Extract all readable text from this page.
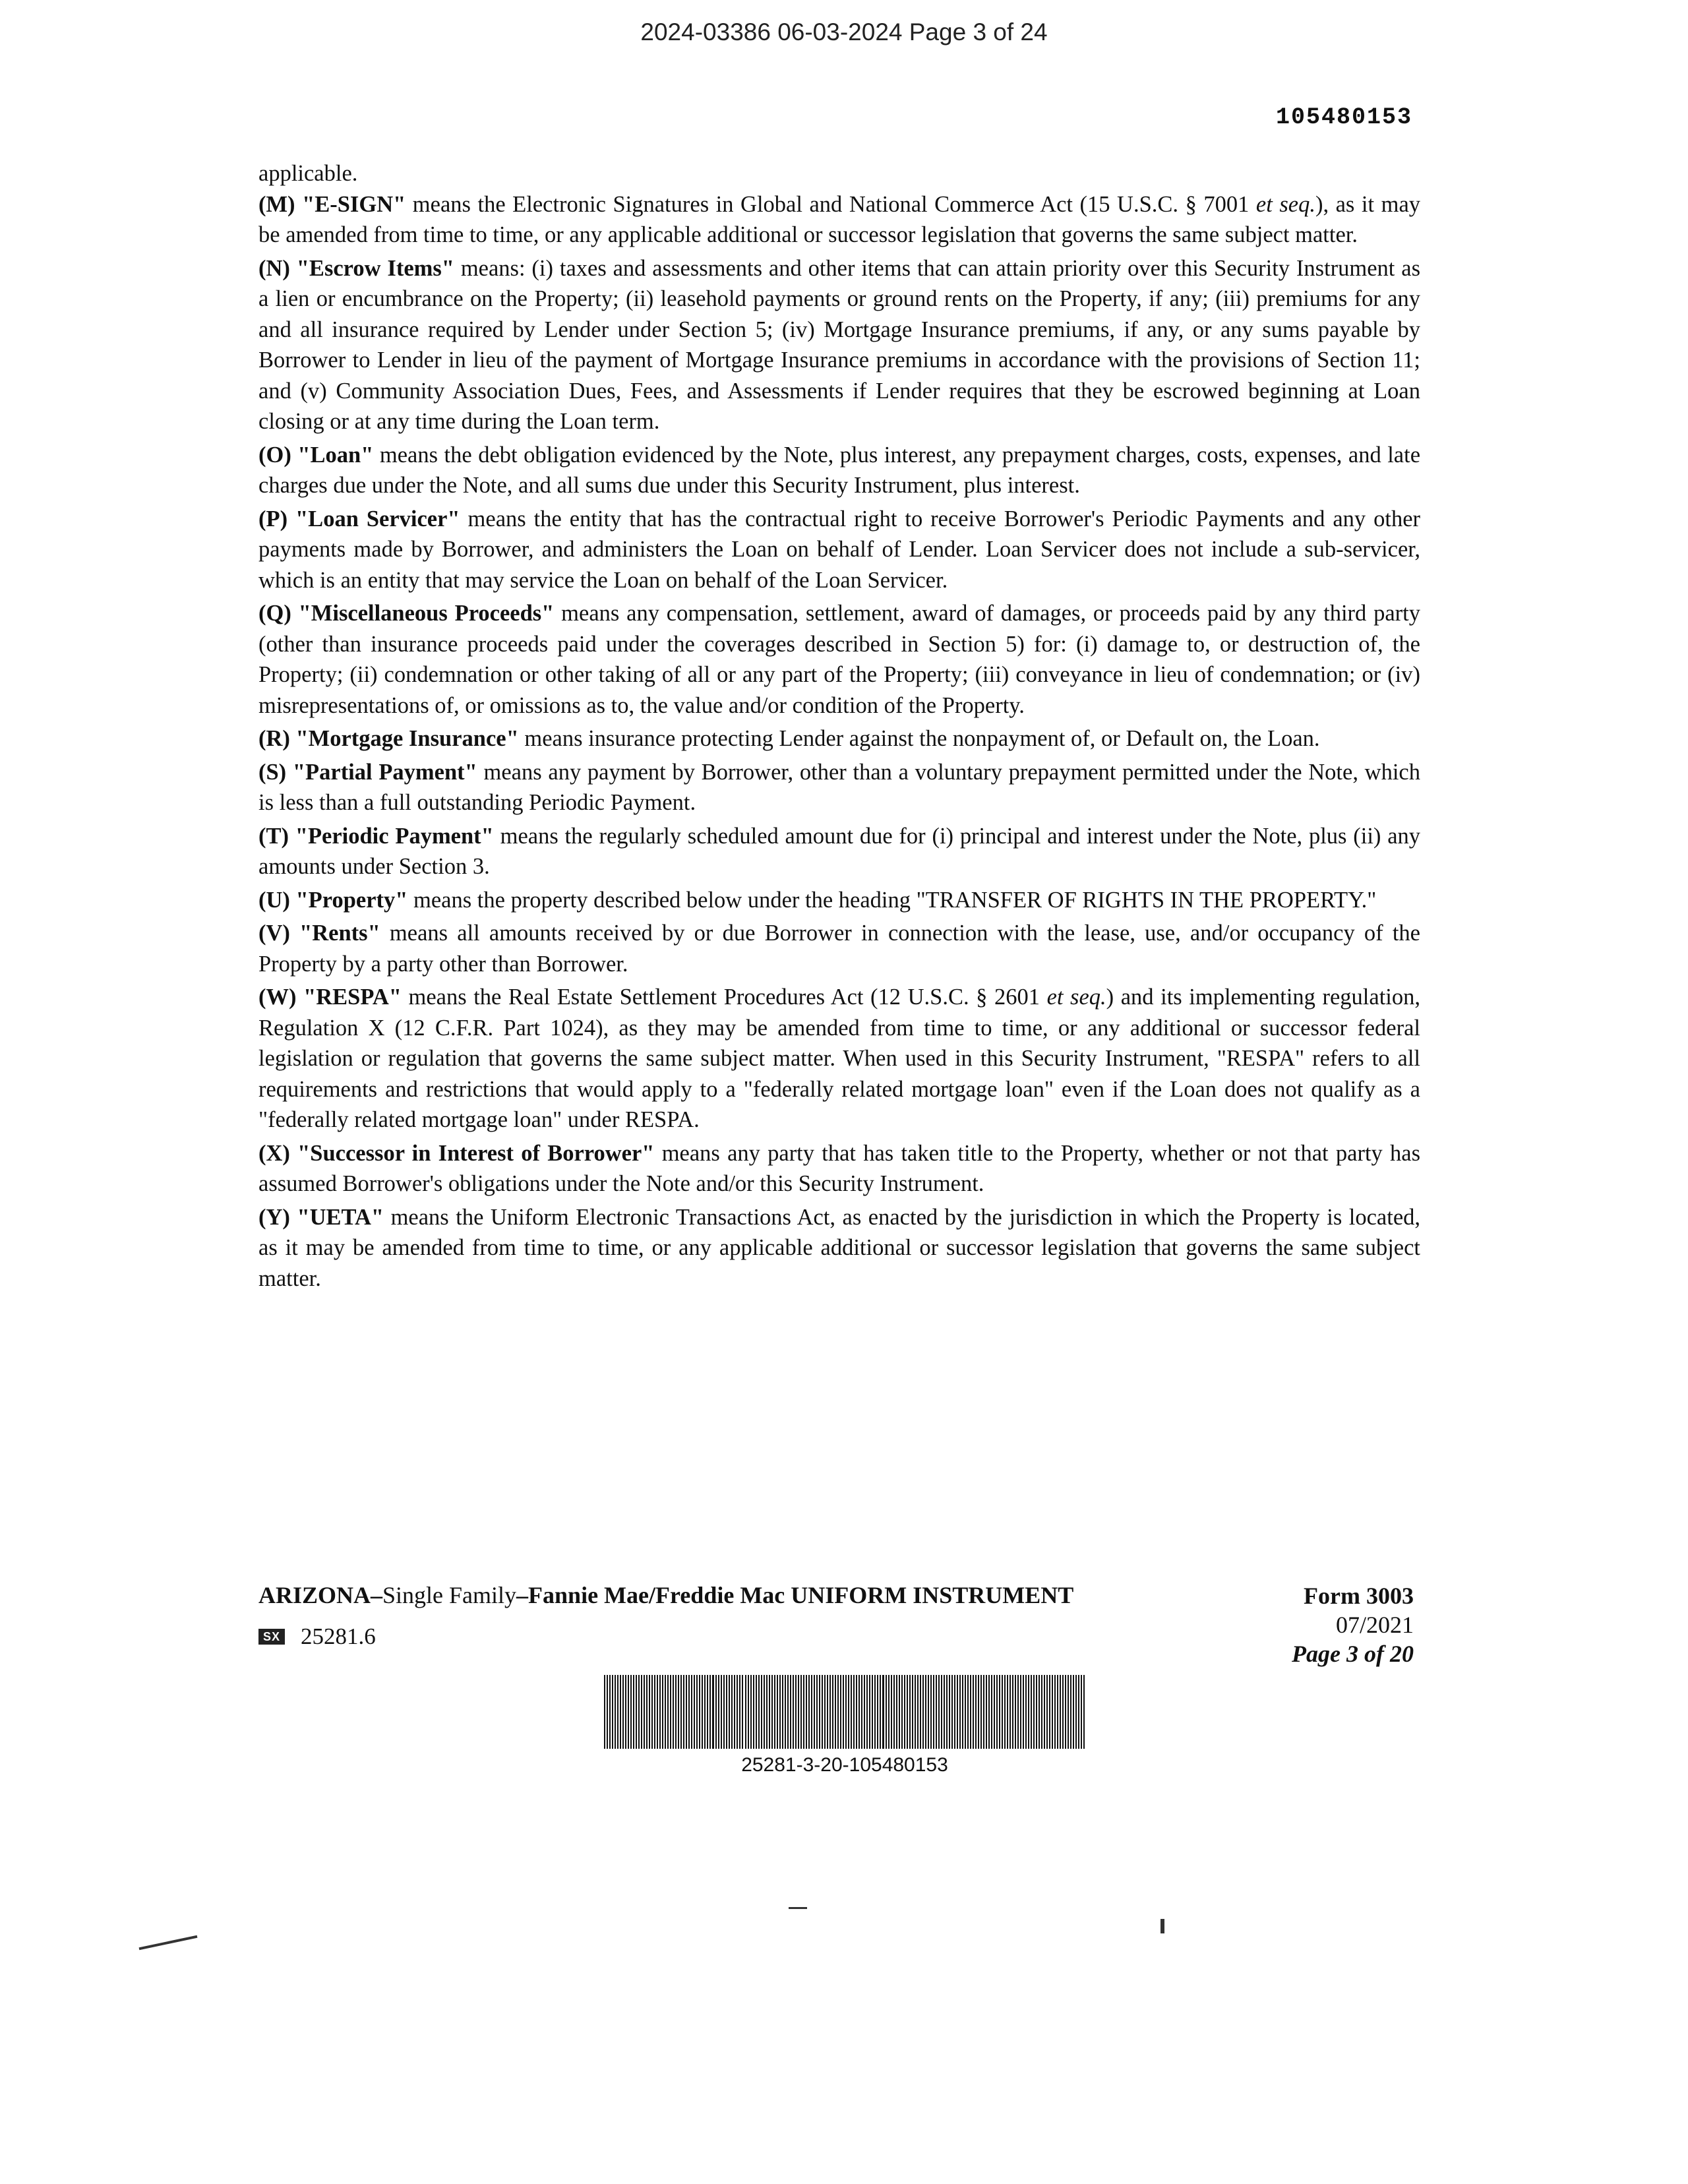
2024-03386 06-03-2024 Page 3 of 24
105480153

applicable.

(M) "E-SIGN" means the Electronic Signatures in Global and National Commerce Act (15 U.S.C. § 7001 et seq.), as it may be amended from time to time, or any applicable additional or successor legislation that governs the same subject matter.

(N) "Escrow Items" means: (i) taxes and assessments and other items that can attain priority over this Security Instrument as a lien or encumbrance on the Property; (ii) leasehold payments or ground rents on the Property, if any; (iii) premiums for any and all insurance required by Lender under Section 5; (iv) Mortgage Insurance premiums, if any, or any sums payable by Borrower to Lender in lieu of the payment of Mortgage Insurance premiums in accordance with the provisions of Section 11; and (v) Community Association Dues, Fees, and Assessments if Lender requires that they be escrowed beginning at Loan closing or at any time during the Loan term.

(O) "Loan" means the debt obligation evidenced by the Note, plus interest, any prepayment charges, costs, expenses, and late charges due under the Note, and all sums due under this Security Instrument, plus interest.

(P) "Loan Servicer" means the entity that has the contractual right to receive Borrower's Periodic Payments and any other payments made by Borrower, and administers the Loan on behalf of Lender. Loan Servicer does not include a sub-servicer, which is an entity that may service the Loan on behalf of the Loan Servicer.

(Q) "Miscellaneous Proceeds" means any compensation, settlement, award of damages, or proceeds paid by any third party (other than insurance proceeds paid under the coverages described in Section 5) for: (i) damage to, or destruction of, the Property; (ii) condemnation or other taking of all or any part of the Property; (iii) conveyance in lieu of condemnation; or (iv) misrepresentations of, or omissions as to, the value and/or condition of the Property.

(R) "Mortgage Insurance" means insurance protecting Lender against the nonpayment of, or Default on, the Loan.

(S) "Partial Payment" means any payment by Borrower, other than a voluntary prepayment permitted under the Note, which is less than a full outstanding Periodic Payment.

(T) "Periodic Payment" means the regularly scheduled amount due for (i) principal and interest under the Note, plus (ii) any amounts under Section 3.

(U) "Property" means the property described below under the heading "TRANSFER OF RIGHTS IN THE PROPERTY."

(V) "Rents" means all amounts received by or due Borrower in connection with the lease, use, and/or occupancy of the Property by a party other than Borrower.

(W) "RESPA" means the Real Estate Settlement Procedures Act (12 U.S.C. § 2601 et seq.) and its implementing regulation, Regulation X (12 C.F.R. Part 1024), as they may be amended from time to time, or any additional or successor federal legislation or regulation that governs the same subject matter. When used in this Security Instrument, "RESPA" refers to all requirements and restrictions that would apply to a "federally related mortgage loan" even if the Loan does not qualify as a "federally related mortgage loan" under RESPA.

(X) "Successor in Interest of Borrower" means any party that has taken title to the Property, whether or not that party has assumed Borrower's obligations under the Note and/or this Security Instrument.

(Y) "UETA" means the Uniform Electronic Transactions Act, as enacted by the jurisdiction in which the Property is located, as it may be amended from time to time, or any applicable additional or successor legislation that governs the same subject matter.

ARIZONA–Single Family–Fannie Mae/Freddie Mac UNIFORM INSTRUMENT
SX 25281.6
Form 3003
07/2021
Page 3 of 20
25281-3-20-105480153
